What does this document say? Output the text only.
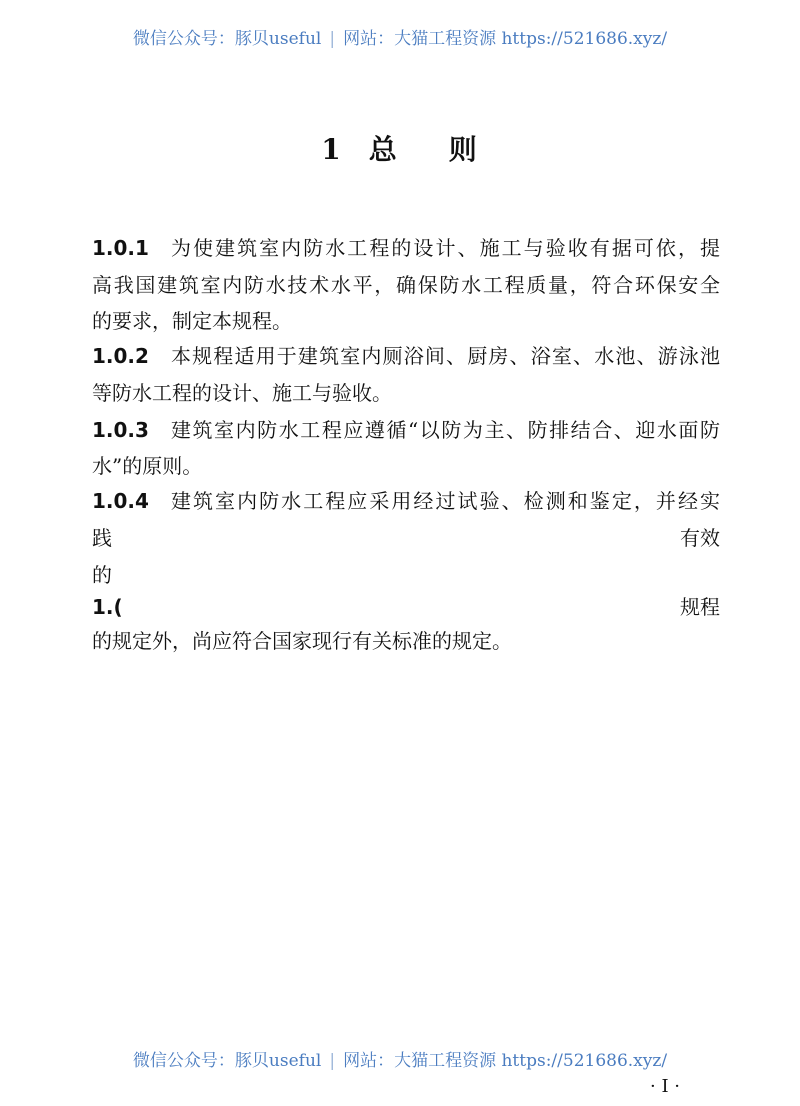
微信公众号：豚贝useful | 网站：大猫工程资源 https://521686.xyz/
1 总 则
1.0.1 为使建筑室内防水工程的设计、施工与验收有据可依，提
高我国建筑室内防水技术水平，确保防水工程质量，符合环保安全
的要求，制定本规程。
1.0.2 本规程适用于建筑室内厕浴间、厨房、浴室、水池、游泳池
等防水工程的设计、施工与验收。
1.0.3 建筑室内防水工程应遵循“以防为主、防排结合、迎水面防
水”的原则。
1.0.4 建筑室内防水工程应采用经过试验、检测和鉴定，并经实
践	有效
的
1.(	规程
的规定外，尚应符合国家现行有关标准的规定。
微信公众号：豚贝useful | 网站：大猫工程资源 https://521686.xyz/
· Ⅰ ·
